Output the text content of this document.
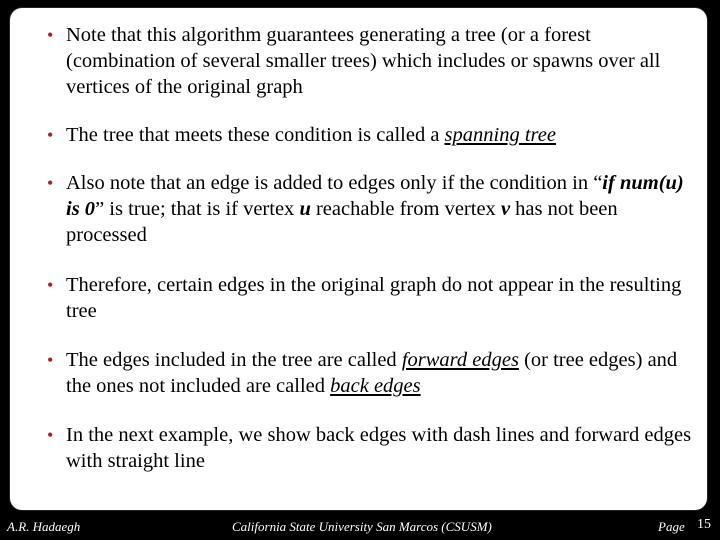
• Note that this algorithm guarantees generating a tree (or a forest (combination of several smaller trees) which includes or spawns over all vertices of the original graph
• The tree that meets these condition is called a spanning tree
• Also note that an edge is added to edges only if the condition in “if num(u) is 0” is true; that is if vertex u reachable from vertex v has not been processed
• Therefore, certain edges in the original graph do not appear in the resulting tree
• The edges included in the tree are called forward edges (or tree edges) and the ones not included are called back edges
• In the next example, we show back edges with dash lines and forward edges with straight line
A.R. Hadaegh	California State University San Marcos (CSUSM)	Page 15
